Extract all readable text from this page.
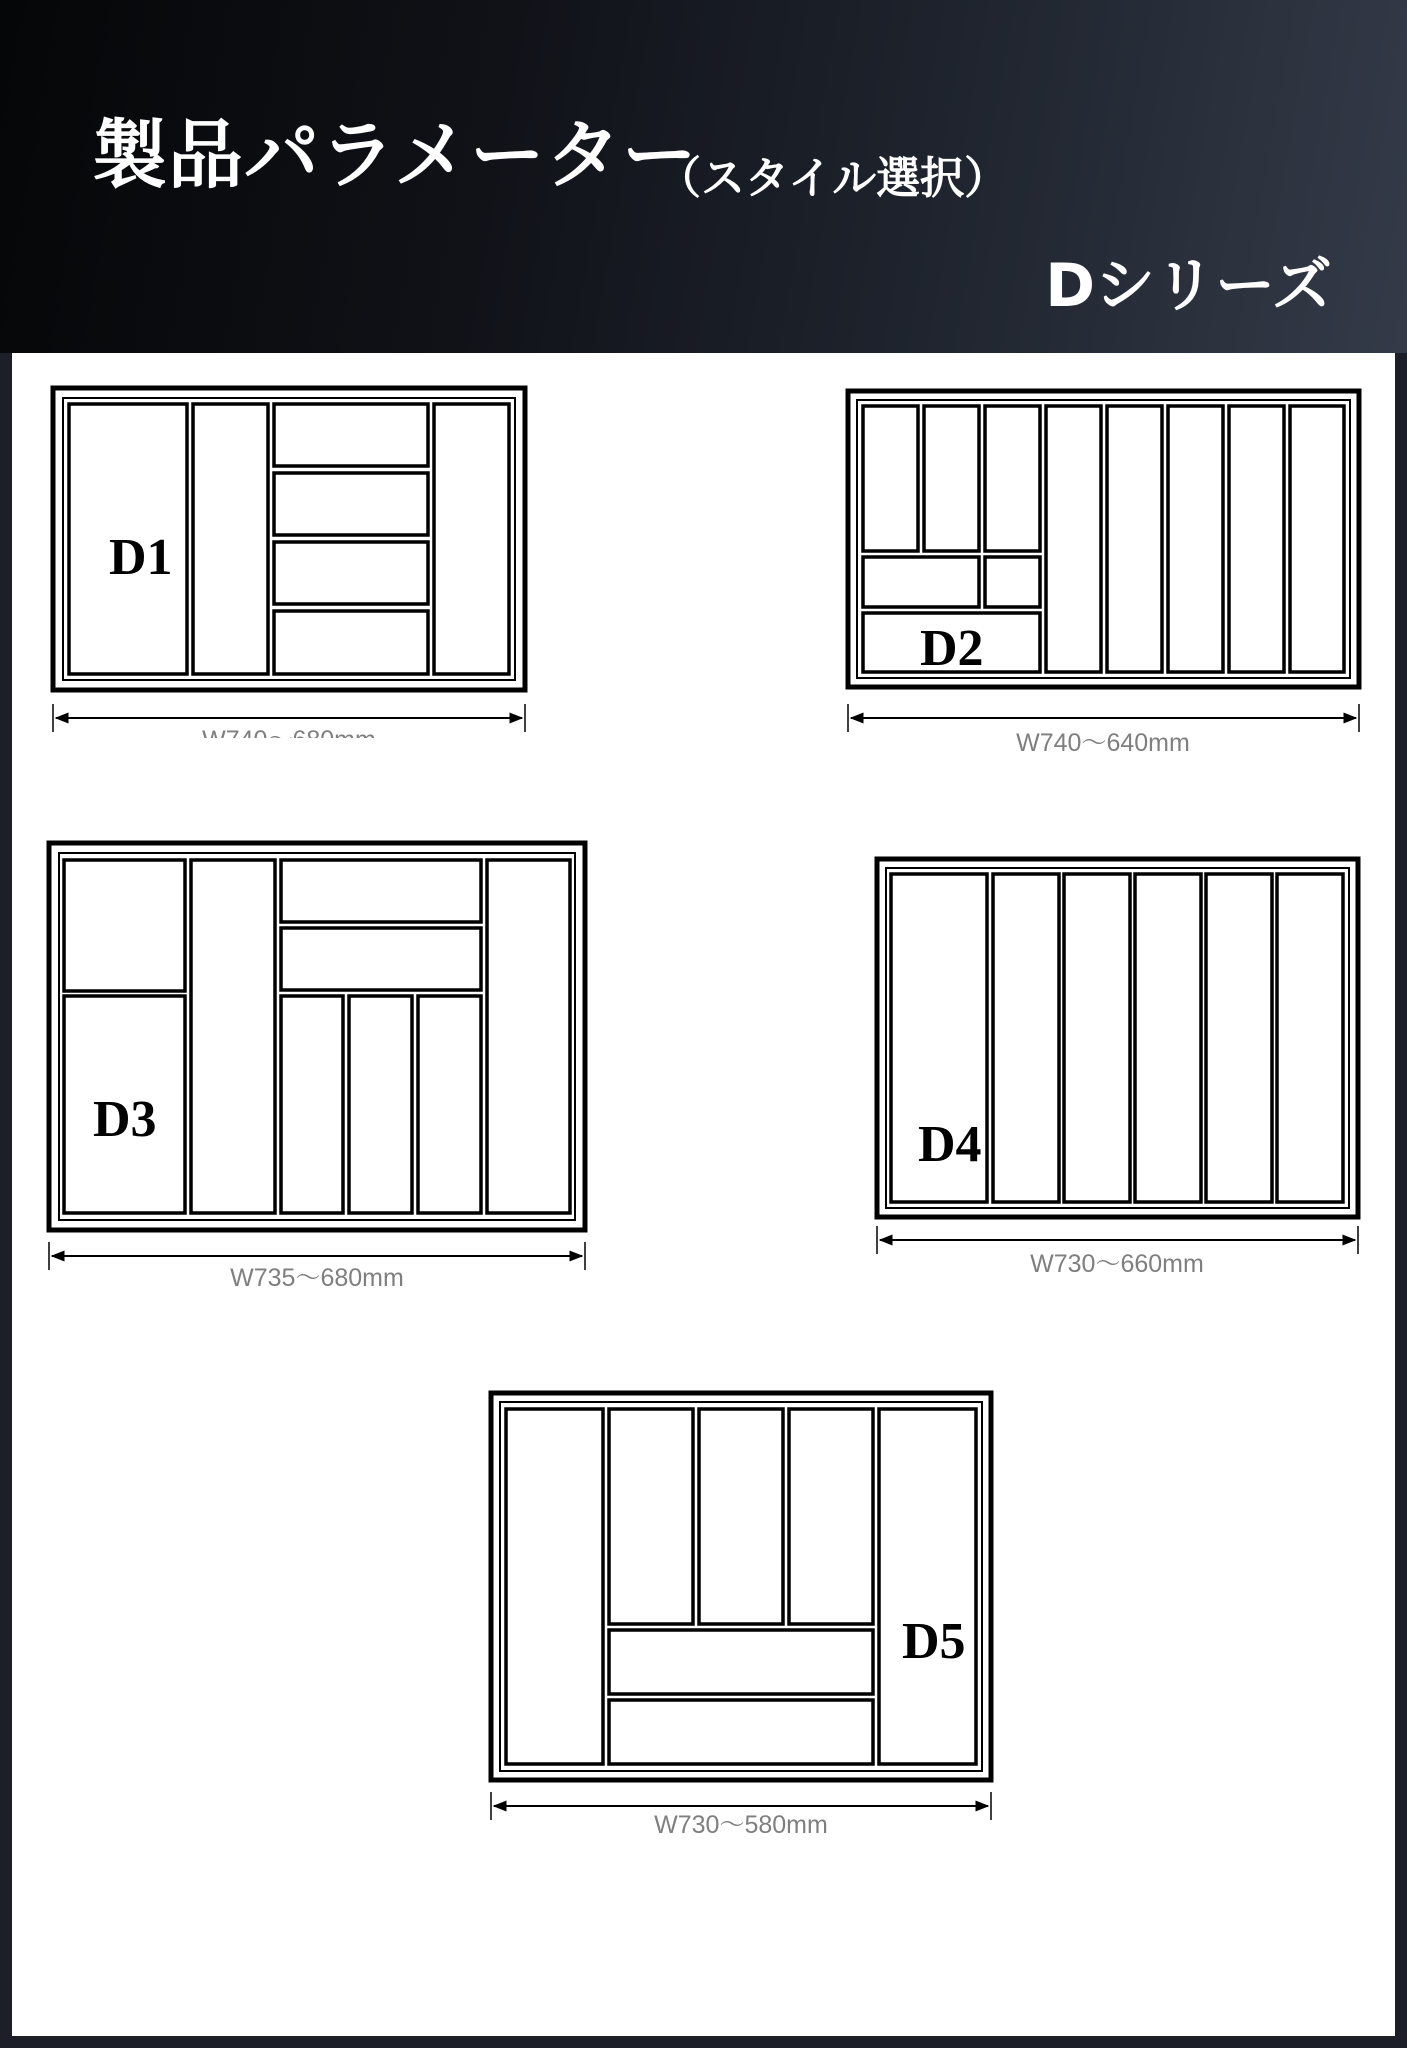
製品パラメーター
（スタイル選択）
Dシリーズ
D1
D2
D3	D4
D5
W740～640mm
W735～680mm	W730～660mm
W730～580mm
